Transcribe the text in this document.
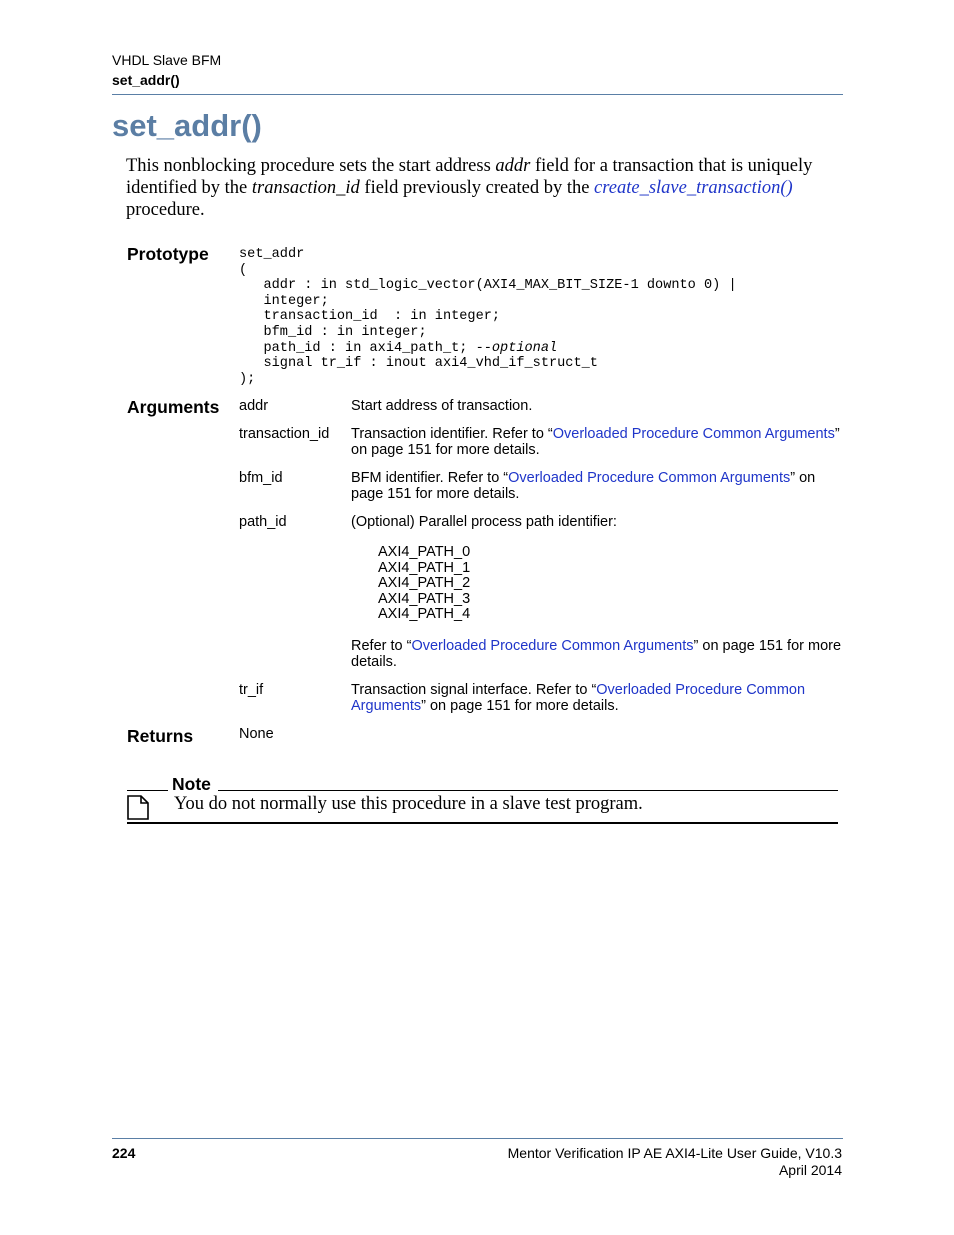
VHDL Slave BFM
set_addr()
set_addr()
This nonblocking procedure sets the start address addr field for a transaction that is uniquely identified by the transaction_id field previously created by the create_slave_transaction() procedure.
Prototype set_addr
(
addr : in std_logic_vector(AXI4_MAX_BIT_SIZE-1 downto 0) |
integer;
transaction_id  : in integer;
bfm_id : in integer;
path_id : in axi4_path_t; --optional
signal tr_if : inout axi4_vhd_if_struct_t
);
Arguments addr	Start address of transaction.
transaction_id Transaction identifier. Refer to “Overloaded Procedure Common Arguments” on page 151 for more details.
bfm_id	BFM identifier. Refer to “Overloaded Procedure Common Arguments” on page 151 for more details.
path_id	(Optional) Parallel process path identifier:
AXI4_PATH_0
AXI4_PATH_1
AXI4_PATH_2
AXI4_PATH_3
AXI4_PATH_4
Refer to “Overloaded Procedure Common Arguments” on page 151 for more details.
tr_if	Transaction signal interface. Refer to “Overloaded Procedure Common Arguments” on page 151 for more details.
Returns	None
Note
You do not normally use this procedure in a slave test program.
224	Mentor Verification IP AE AXI4-Lite User Guide, V10.3
April 2014
